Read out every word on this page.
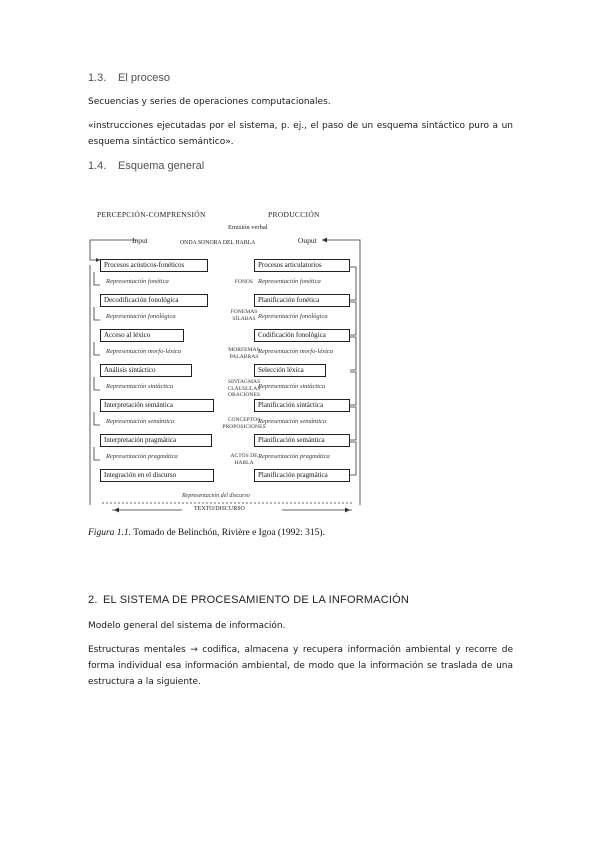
1.3. El proceso
Secuencias y series de operaciones computacionales.
«instrucciones ejecutadas por el sistema, p. ej., el paso de un esquema sintáctico puro a un
esquema sintáctico semántico».
1.4. Esquema general
PERCEPCIÓN-COMPRENSIÓN	PRODUCCIÓN
Emisión verbal
Input	ONDA SONORA DEL HABLA	Ouput
Procesos acústicos-fonéticos
Representación fonética
Decodificación fonológica
Representación fonológica
Acceso al léxico
Representación morfo-léxica
Análisis sintáctico
Representación sintáctica
Interpretación semántica
Representación semántica
Interpretación pragmática
Representación pragmática
Integración en el discurso
FONOS
FONEMAS SÍLABAS
MORFEMAS PALABRAS
SINTAGMAS CLÁUSULAS ORACIONES
CONCEPTOS PROPOSICIONES
ACTOS DE HABLA
Procesos articulatorios
Representación fonética
Planificación fonética
Representación fonológica
Codificación fonológica
Representación morfo-léxica
Selección léxica
Representación sintáctica
Planificación sintáctica
Representación semántica
Planificación semántica
Representación pragmática
Planificación pragmática
Representación del discurso
TEXTO/DISCURSO
Figura 1.1. Tomado de Belinchón, Rivière e Igoa (1992: 315).
2. EL SISTEMA DE PROCESAMIENTO DE LA INFORMACIÓN
Modelo general del sistema de información.
Estructuras mentales → codifica, almacena y recupera información ambiental y recorre de
forma individual esa información ambiental, de modo que la información se traslada de una
estructura a la siguiente.
